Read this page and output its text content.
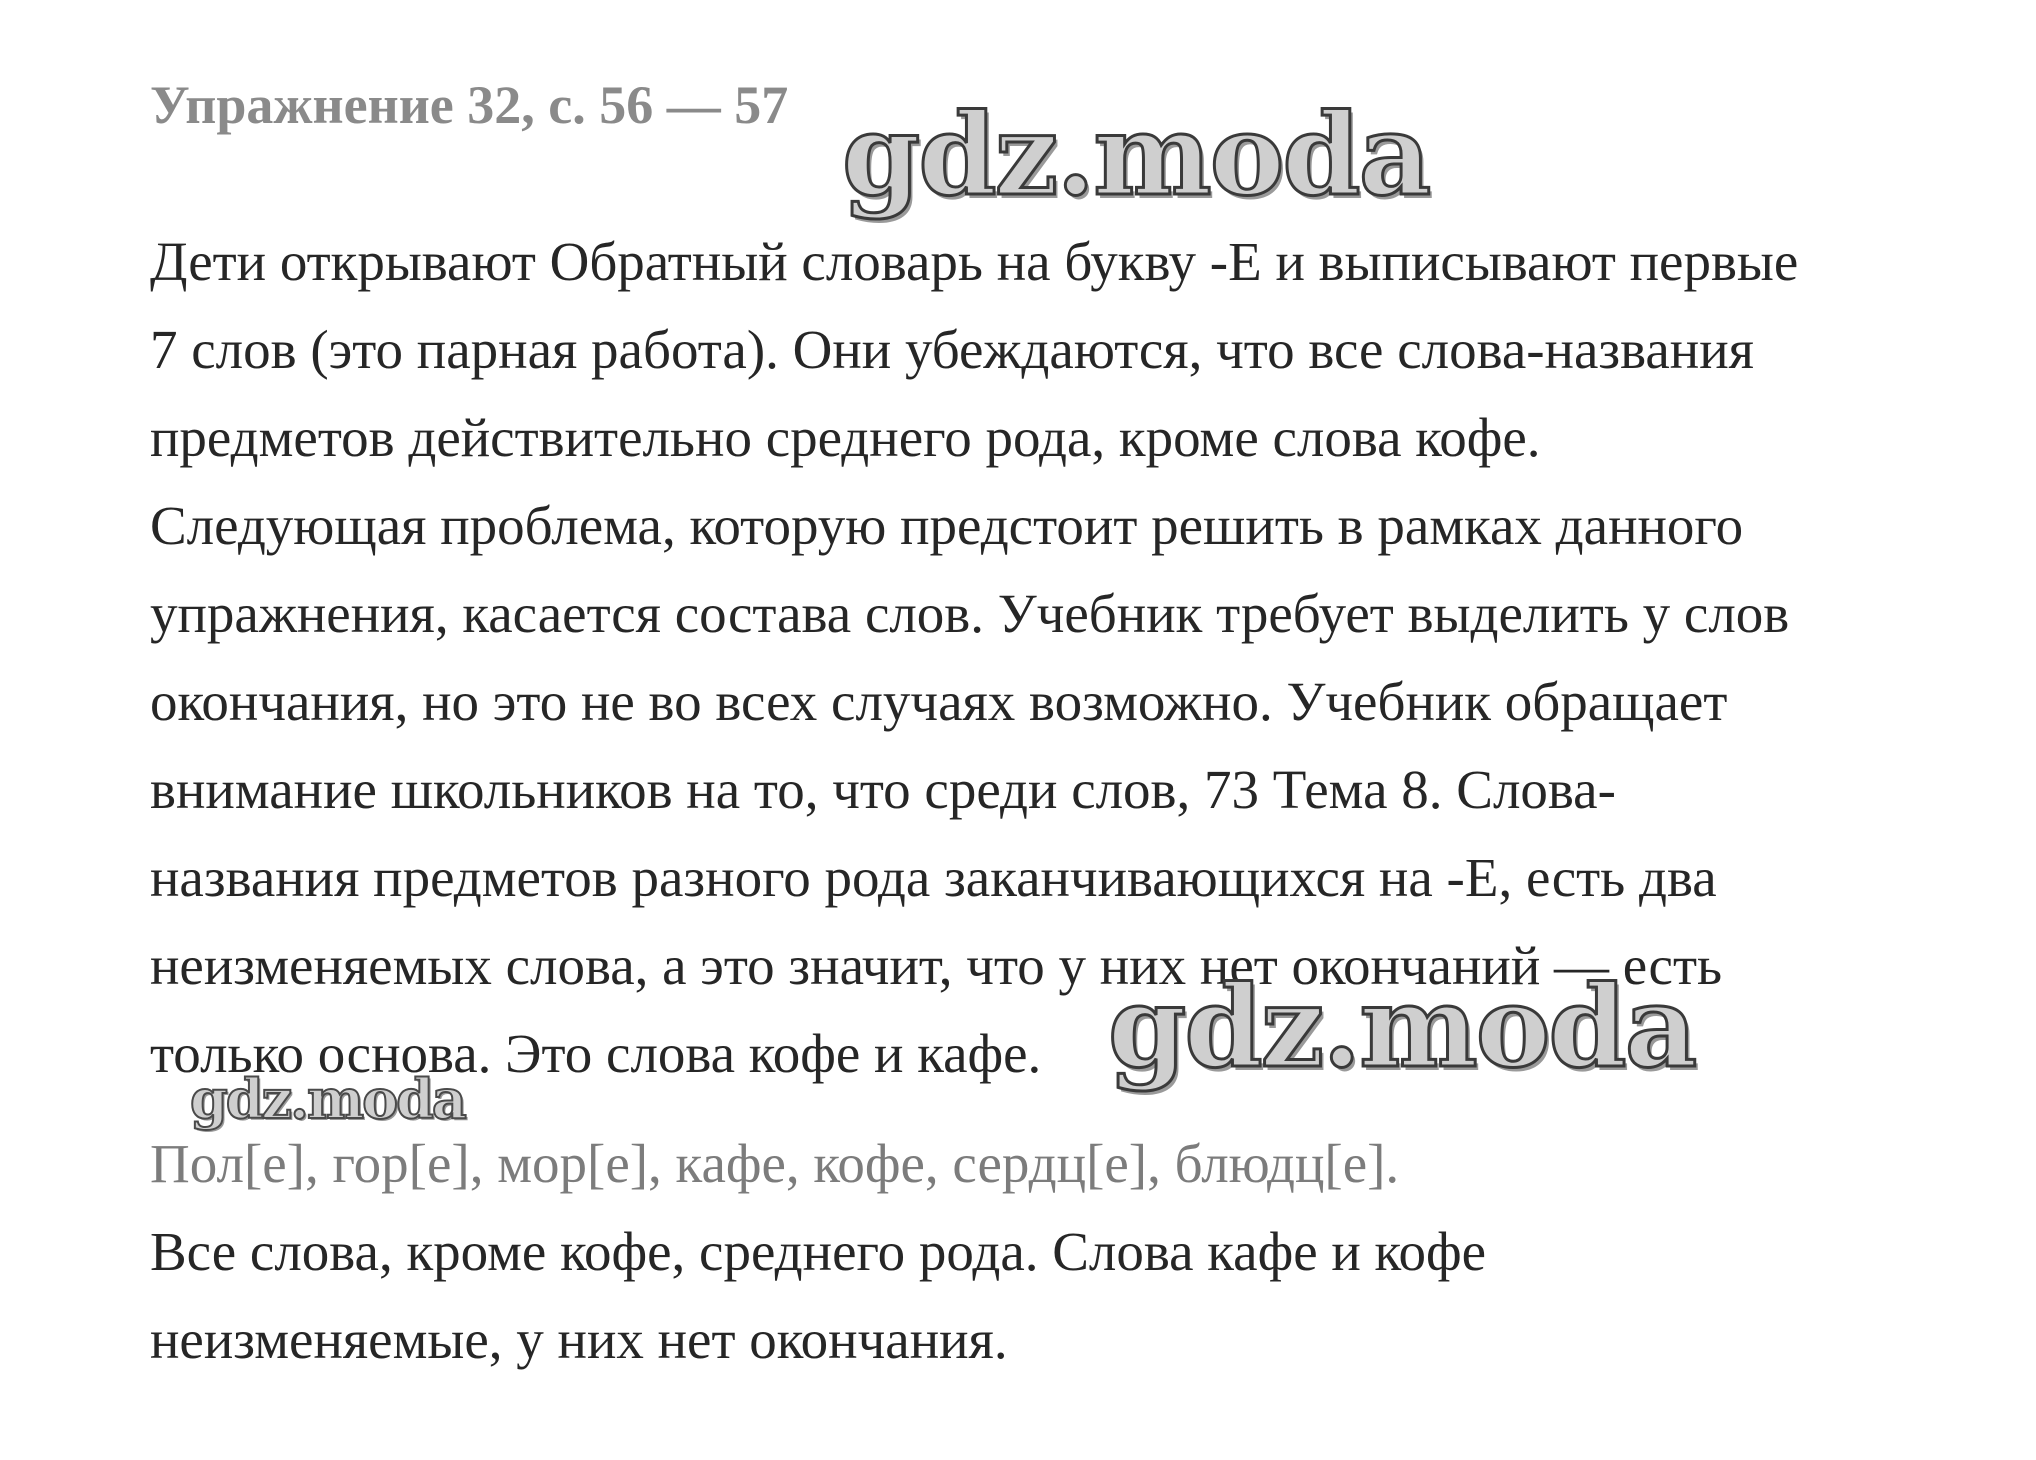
Упражнение 32, с. 56 — 57
Дети открывают Обратный словарь на букву -Е и выписывают первые
7 слов (это парная работа). Они убеждаются, что все слова-названия
предметов действительно среднего рода, кроме слова кофе.
Следующая проблема, которую предстоит решить в рамках данного
упражнения, касается состава слов. Учебник требует выделить у слов
окончания, но это не во всех случаях возможно. Учебник обращает
внимание школьников на то, что среди слов, 73 Тема 8. Слова-
названия предметов разного рода заканчивающихся на -Е, есть два
неизменяемых слова, а это значит, что у них нет окончаний — есть
только основа. Это слова кофе и кафе.
Пол[е], гор[е], мор[е], кафе, кофе, сердц[е], блюдц[е].
Все слова, кроме кофе, среднего рода. Слова кафе и кофе
неизменяемые, у них нет окончания.
gdz.moda
gdz.moda
gdz.moda
